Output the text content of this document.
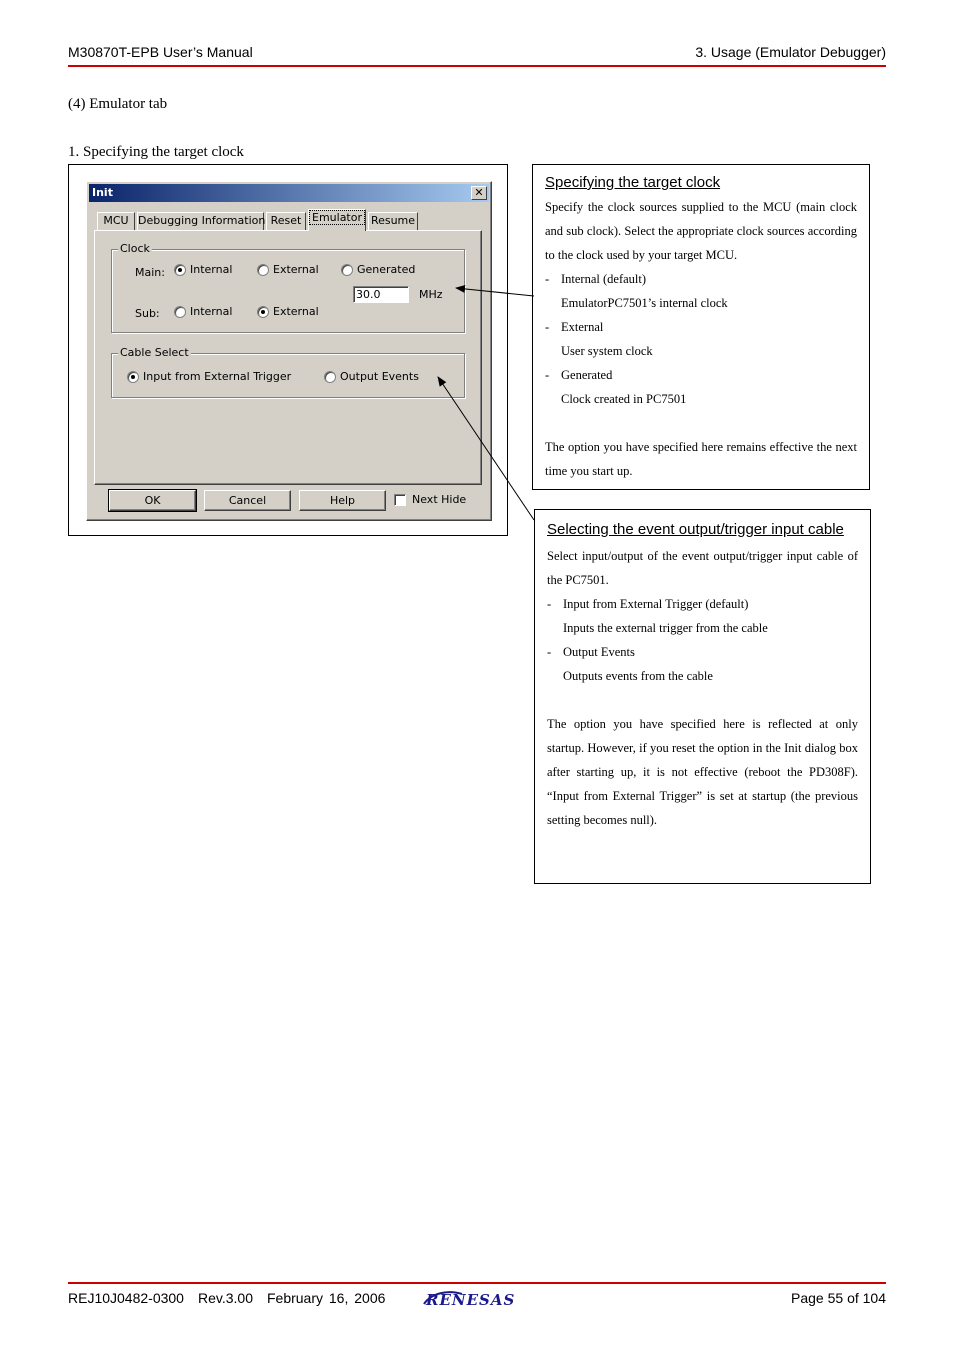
M30870T-EPB User’s Manual	3. Usage (Emulator Debugger)
(4) Emulator tab
1. Specifying the target clock
Init	✕
MCU Debugging Information Reset Emulator Resume
Clock
Main: Internal	External	Generated
30.0	MHz
Sub:	Internal	External
Cable Select
Input from External Trigger	Output Events
OK	Cancel	Help	Next Hide

Specifying the target clock

Specify the clock sources supplied to the MCU (main clock and sub clock). Select the appropriate clock sources according to the clock used by your target MCU.

- Internal (default)

EmulatorPC7501’s internal clock

- External

User system clock

- Generated

Clock created in PC7501

The option you have specified here remains effective the next time you start up.

Selecting the event output/trigger input cable

Select input/output of the event output/trigger input cable of the PC7501.

- Input from External Trigger (default)

Inputs the external trigger from the cable

- Output Events

Outputs events from the cable

The option you have specified here is reflected at only startup. However, if you reset the option in the Init dialog box after starting up, it is not effective (reboot the PD308F). “Input from External Trigger” is set at startup (the previous setting becomes null).

REJ10J0482-0300 Rev.3.00 February 16, 2006	RENESAS	Page 55 of 104
